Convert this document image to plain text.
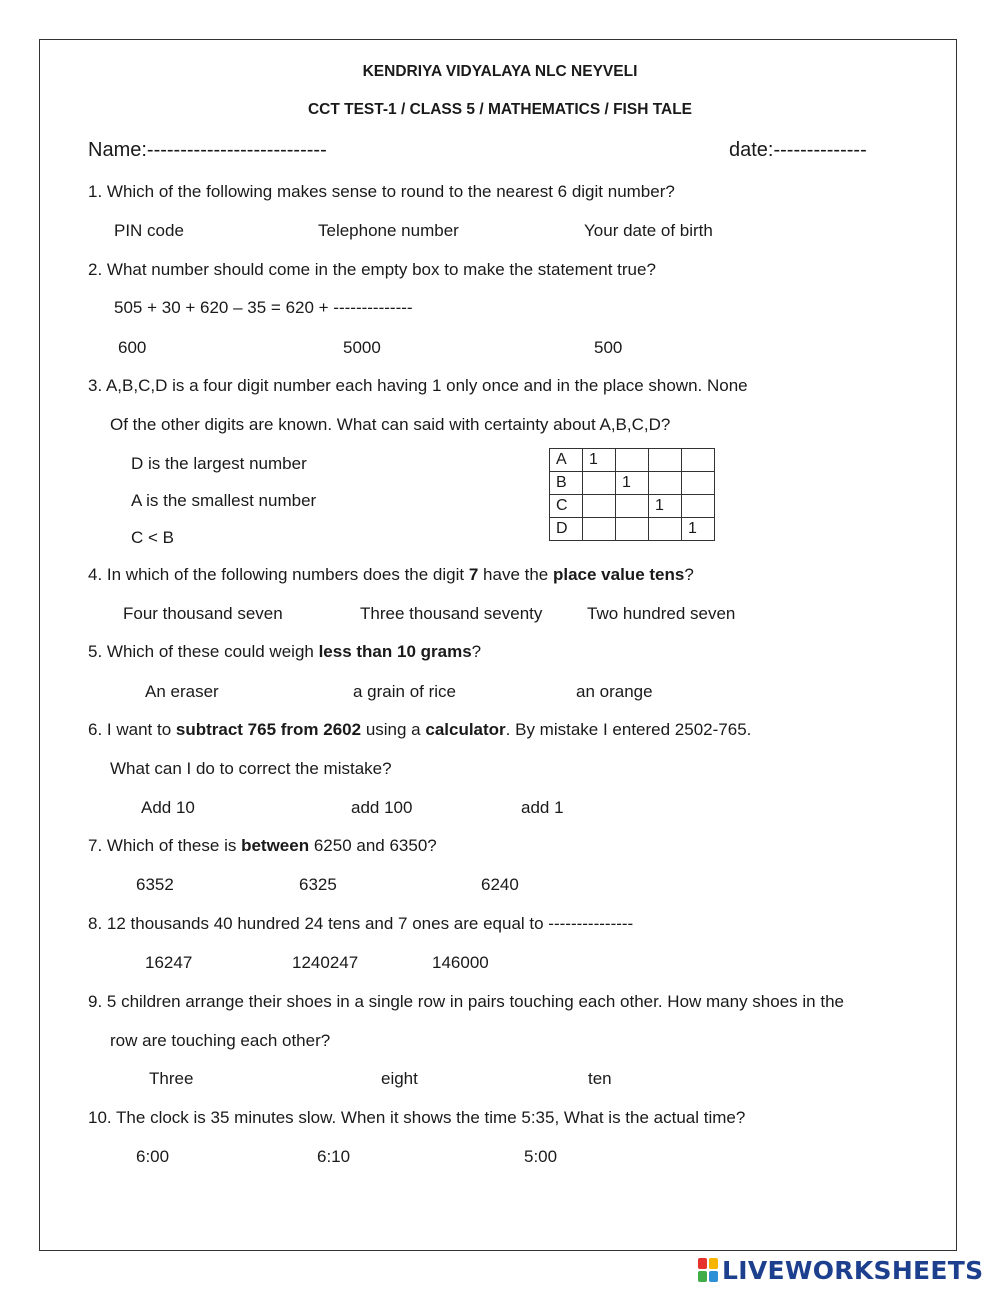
KENDRIYA VIDYALAYA NLC NEYVELI
CCT TEST-1 / CLASS 5 / MATHEMATICS / FISH TALE
Name:---------------------------	date:--------------
1. Which of the following makes sense to round to the nearest 6 digit number?
PIN code	Telephone number	Your date of birth
2. What number should come in the empty box to make the statement true?
505 + 30 + 620 – 35 = 620 + --------------
600	5000	500
3. A,B,C,D is a four digit number each having 1 only once and in the place shown. None
Of the other digits are known. What can said with certainty about A,B,C,D?
D is the largest number
A is the smallest number
C < B
A	1			
B		1		
C			1	
D				1
4. In which of the following numbers does the digit 7 have the place value tens?
Four thousand seven	Three thousand seventy	Two hundred seven
5. Which of these could weigh less than 10 grams?
An eraser	a grain of rice	an orange
6. I want to subtract 765 from 2602 using a calculator. By mistake I entered 2502-765.
What can I do to correct the mistake?
Add 10	add 100	add 1
7. Which of these is between 6250 and 6350?
6352	6325	6240
8. 12 thousands 40 hundred 24 tens and 7 ones are equal to ---------------
16247	1240247	146000
9. 5 children arrange their shoes in a single row in pairs touching each other. How many shoes in the
row are touching each other?
Three	eight	ten
10. The clock is 35 minutes slow. When it shows the time 5:35, What is the actual time?
6:00	6:10	5:00
LIVEWORKSHEETS
